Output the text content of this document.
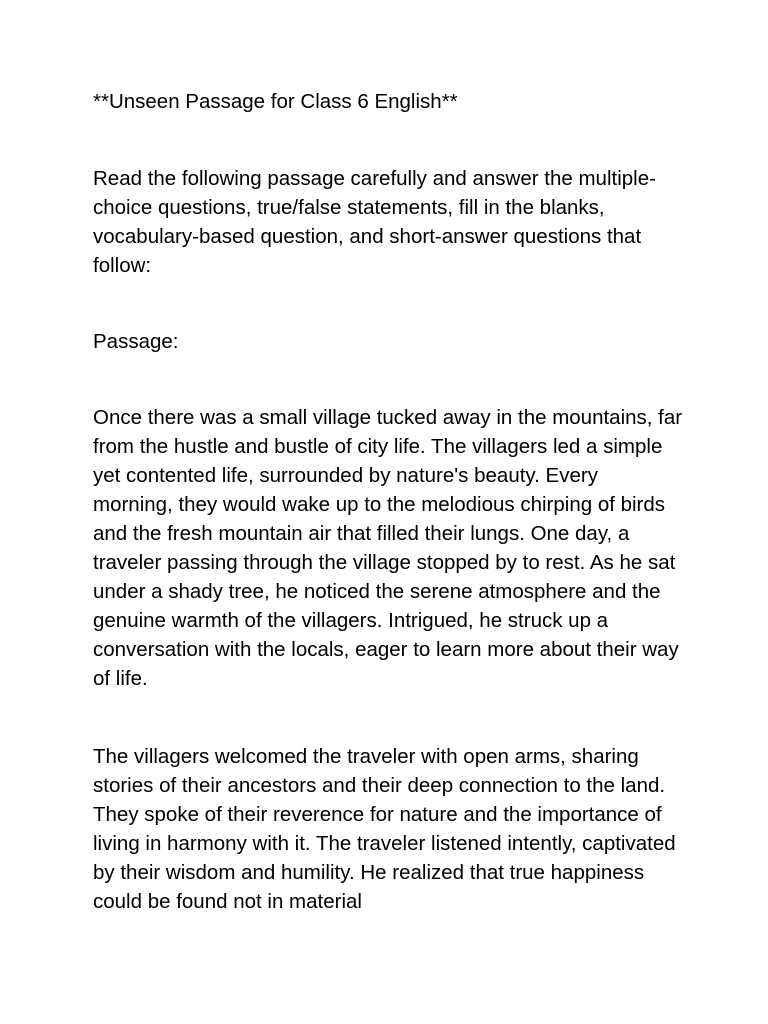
**Unseen Passage for Class 6 English**

Read the following passage carefully and answer the multiple-choice questions, true/false statements, fill in the blanks, vocabulary-based question, and short-answer questions that follow:

Passage:

Once there was a small village tucked away in the mountains, far from the hustle and bustle of city life. The villagers led a simple yet contented life, surrounded by nature's beauty. Every morning, they would wake up to the melodious chirping of birds and the fresh mountain air that filled their lungs. One day, a traveler passing through the village stopped by to rest. As he sat under a shady tree, he noticed the serene atmosphere and the genuine warmth of the villagers. Intrigued, he struck up a conversation with the locals, eager to learn more about their way of life.

The villagers welcomed the traveler with open arms, sharing stories of their ancestors and their deep connection to the land. They spoke of their reverence for nature and the importance of living in harmony with it. The traveler listened intently, captivated by their wisdom and humility. He realized that true happiness could be found not in material
